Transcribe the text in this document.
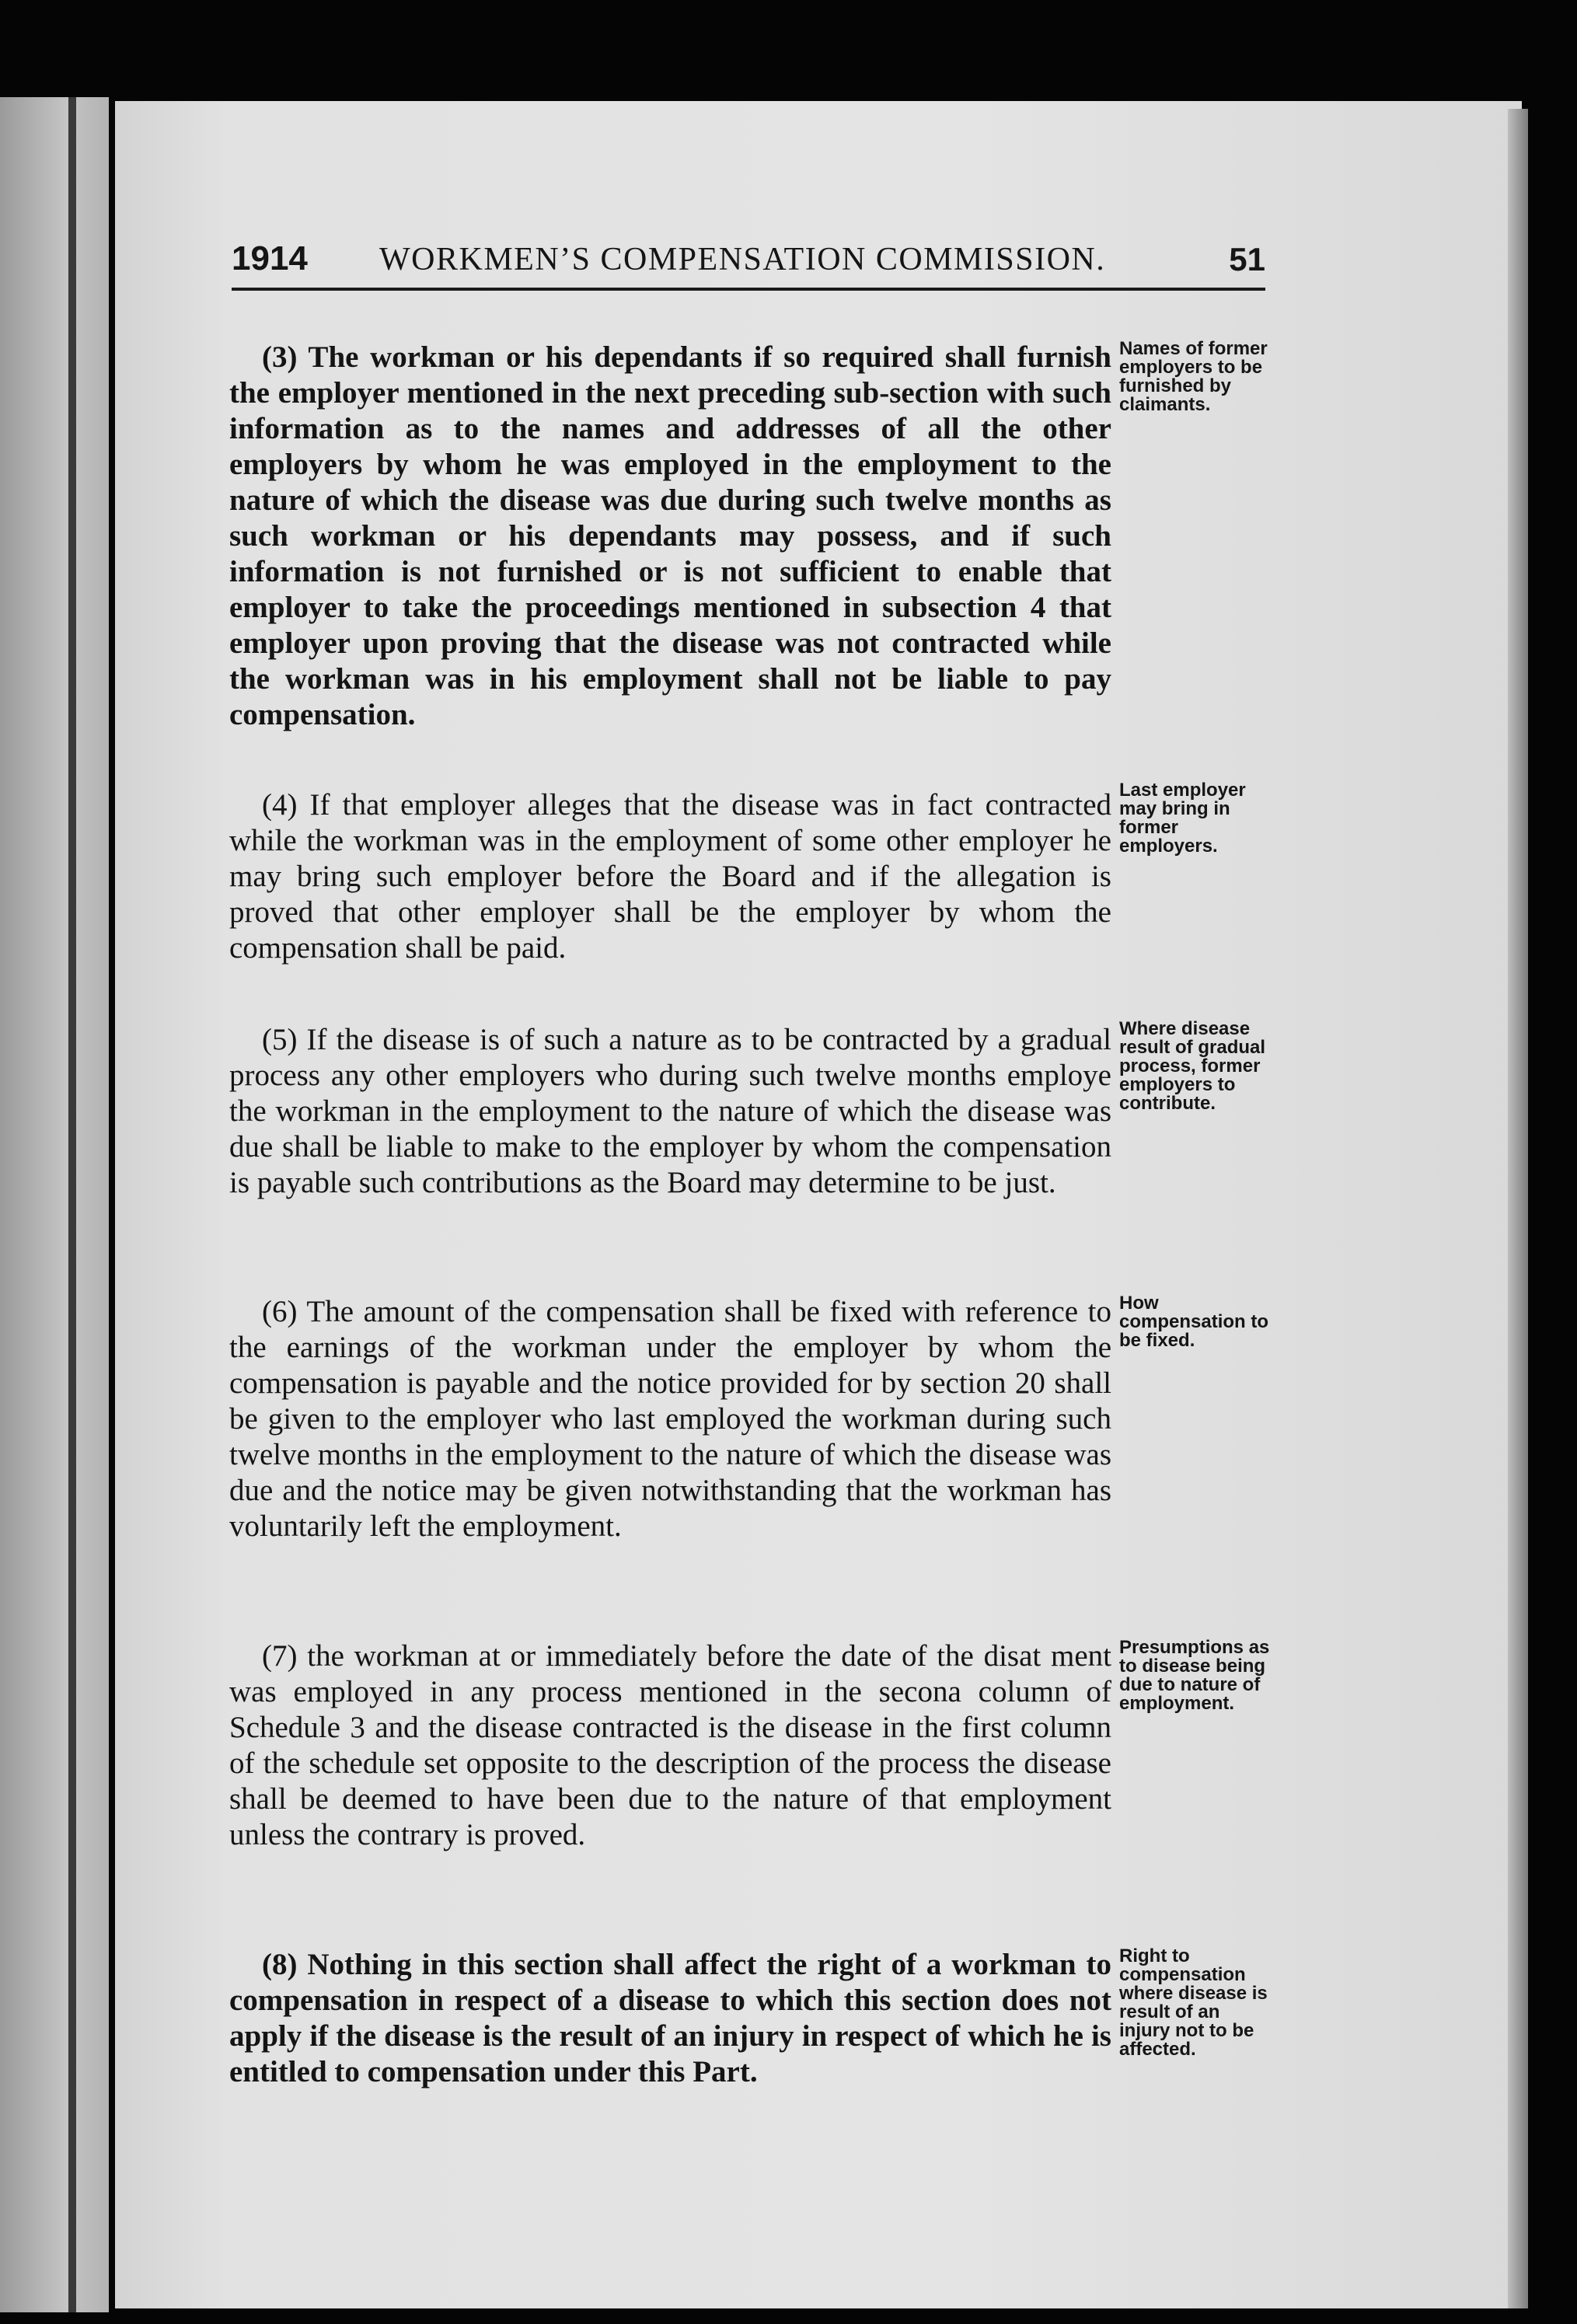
1914 WORKMEN’S COMPENSATION COMMISSION.	51

(3) The workman or his dependants if so required shall furnish the employer mentioned in the next preceding sub-section with such information as to the names and addresses of all the other employers by whom he was employed in the employment to the nature of which the disease was due during such twelve months as such workman or his dependants may possess, and if such information is not furnished or is not sufficient to enable that employer to take the proceedings mentioned in subsection 4 that employer upon proving that the disease was not contracted while the workman was in his employment shall not be liable to pay compensation.

Names of former employers to be furnished by claimants.

(4) If that employer alleges that the disease was in fact contracted while the workman was in the employment of some other employer he may bring such employer before the Board and if the allegation is proved that other employer shall be the employer by whom the compensation shall be paid.

Last employer may bring in former employers.

(5) If the disease is of such a nature as to be contracted by a gradual process any other employers who during such twelve months employe the workman in the employment to the nature of which the disease was due shall be liable to make to the employer by whom the compensation is payable such contributions as the Board may determine to be just.

Where disease result of gradual process, former employers to contribute.

(6) The amount of the compensation shall be fixed with reference to the earnings of the workman under the employer by whom the compensation is payable and the notice provided for by section 20 shall be given to the employer who last employed the workman during such twelve months in the employment to the nature of which the disease was due and the notice may be given notwithstanding that the workman has voluntarily left the employment.

How compensation to be fixed.

(7) the workman at or immediately before the date of the disat ment was employed in any process mentioned in the secona column of Schedule 3 and the disease contracted is the disease in the first column of the schedule set opposite to the description of the process the disease shall be deemed to have been due to the nature of that employment unless the contrary is proved.

Presumptions as to disease being due to nature of employment.

(8) Nothing in this section shall affect the right of a workman to compensation in respect of a disease to which this section does not apply if the disease is the result of an injury in respect of which he is entitled to compensation under this Part.

Right to compensation where disease is result of an injury not to be affected.
